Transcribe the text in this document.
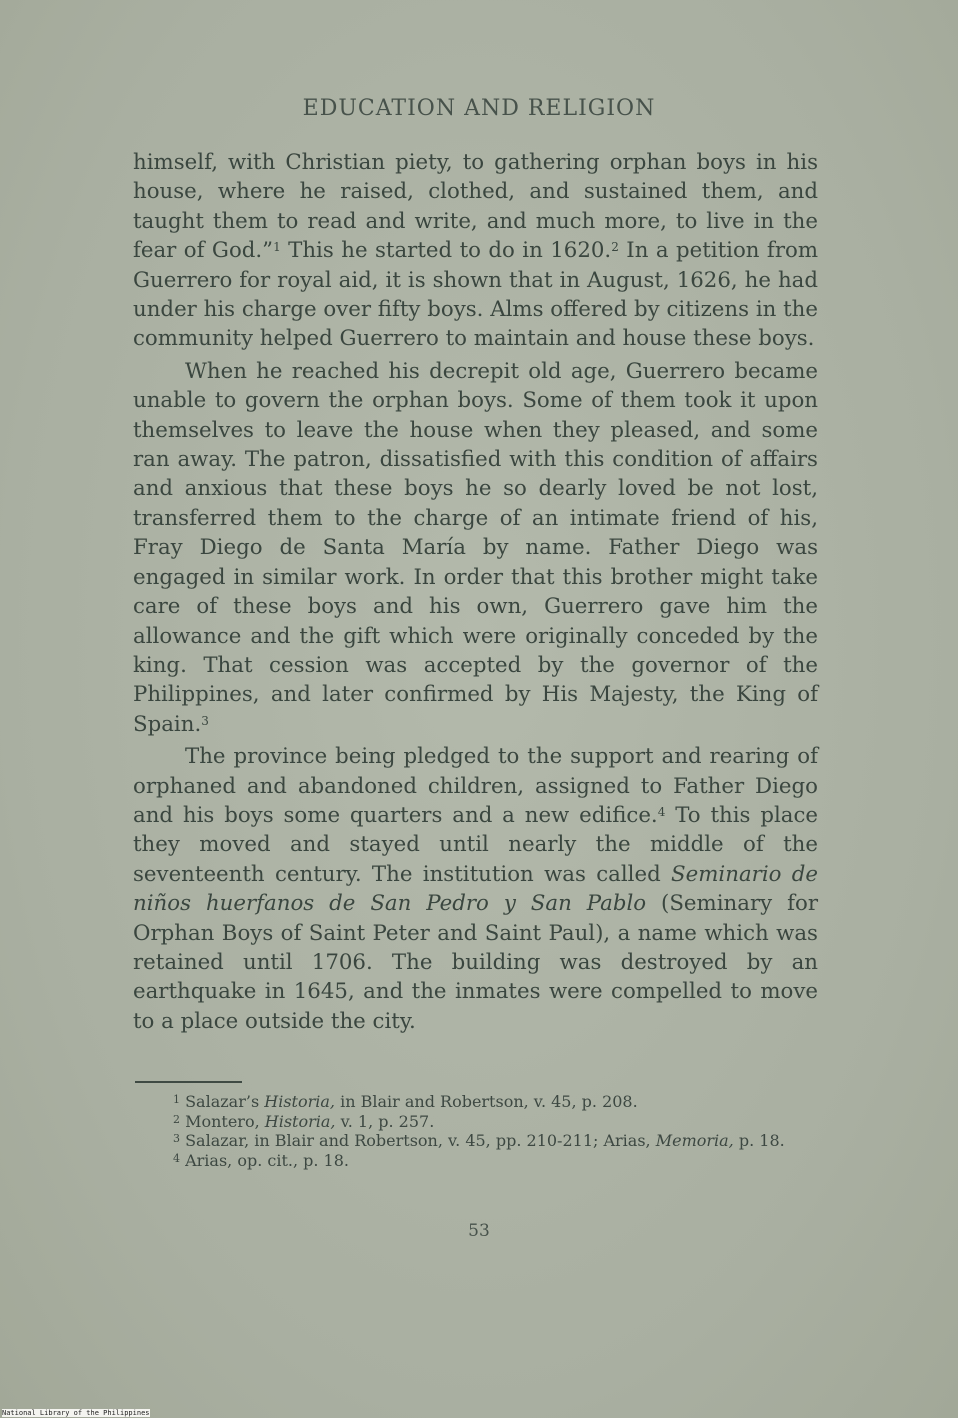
EDUCATION AND RELIGION

himself, with Christian piety, to gathering orphan boys in his house, where he raised, clothed, and sustained them, and taught them to read and write, and much more, to live in the fear of God.”$^1$ This he started to do in 1620.$^2$ In a petition from Guerrero for royal aid, it is shown that in August, 1626, he had under his charge over fifty boys. Alms offered by citizens in the community helped Guerrero to maintain and house these boys.

When he reached his decrepit old age, Guerrero became unable to govern the orphan boys. Some of them took it upon themselves to leave the house when they pleased, and some ran away. The patron, dissatisfied with this condition of affairs and anxious that these boys he so dearly loved be not lost, transferred them to the charge of an intimate friend of his, Fray Diego de Santa María by name. Father Diego was engaged in similar work. In order that this brother might take care of these boys and his own, Guerrero gave him the allowance and the gift which were originally conceded by the king. That cession was accepted by the governor of the Philippines, and later confirmed by His Majesty, the King of Spain.$^3$

The province being pledged to the support and rearing of orphaned and abandoned children, assigned to Father Diego and his boys some quarters and a new edifice.$^4$ To this place they moved and stayed until nearly the middle of the seventeenth century. The institution was called Seminario de niños huerfanos de San Pedro y San Pablo (Seminary for Orphan Boys of Saint Peter and Saint Paul), a name which was retained until 1706. The building was destroyed by an earthquake in 1645, and the inmates were compelled to move to a place outside the city.

$^1$ Salazar’s Historia, in Blair and Robertson, v. 45, p. 208.

$^2$ Montero, Historia, v. 1, p. 257.

$^3$ Salazar, in Blair and Robertson, v. 45, pp. 210-211; Arias, Memoria, p. 18.

$^4$ Arias, op. cit., p. 18.

53
National Library of the Philippines
